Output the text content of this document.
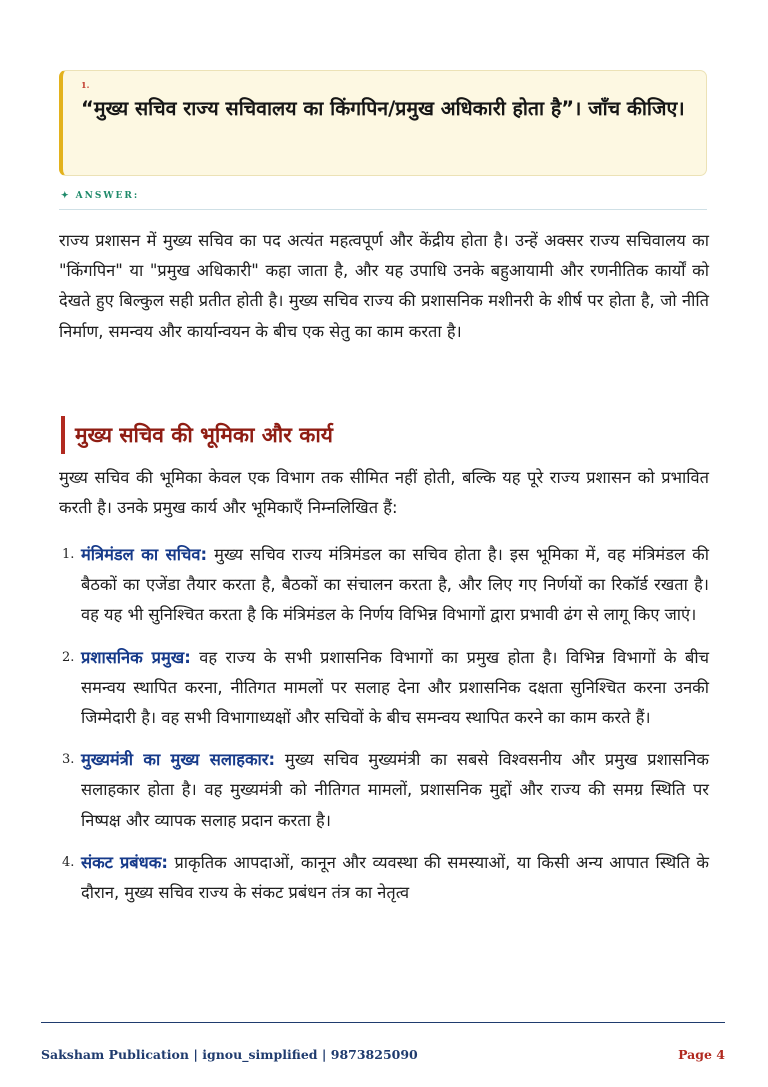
1.
“मुख्य सचिव राज्य सचिवालय का किंगपिन/प्रमुख अधिकारी होता है”। जाँच कीजिए।
✦ ANSWER:

राज्य प्रशासन में मुख्य सचिव का पद अत्यंत महत्वपूर्ण और केंद्रीय होता है। उन्हें अक्सर राज्य सचिवालय का "किंगपिन" या "प्रमुख अधिकारी" कहा जाता है, और यह उपाधि उनके बहुआयामी और रणनीतिक कार्यों को देखते हुए बिल्कुल सही प्रतीत होती है। मुख्य सचिव राज्य की प्रशासनिक मशीनरी के शीर्ष पर होता है, जो नीति निर्माण, समन्वय और कार्यान्वयन के बीच एक सेतु का काम करता है।

मुख्य सचिव की भूमिका और कार्य

मुख्य सचिव की भूमिका केवल एक विभाग तक सीमित नहीं होती, बल्कि यह पूरे राज्य प्रशासन को प्रभावित करती है। उनके प्रमुख कार्य और भूमिकाएँ निम्नलिखित हैं:

1. मंत्रिमंडल का सचिव: मुख्य सचिव राज्य मंत्रिमंडल का सचिव होता है। इस भूमिका में, वह मंत्रिमंडल की बैठकों का एजेंडा तैयार करता है, बैठकों का संचालन करता है, और लिए गए निर्णयों का रिकॉर्ड रखता है। वह यह भी सुनिश्चित करता है कि मंत्रिमंडल के निर्णय विभिन्न विभागों द्वारा प्रभावी ढंग से लागू किए जाएं।
2. प्रशासनिक प्रमुख: वह राज्य के सभी प्रशासनिक विभागों का प्रमुख होता है। विभिन्न विभागों के बीच समन्वय स्थापित करना, नीतिगत मामलों पर सलाह देना और प्रशासनिक दक्षता सुनिश्चित करना उनकी जिम्मेदारी है। वह सभी विभागाध्यक्षों और सचिवों के बीच समन्वय स्थापित करने का काम करते हैं।
3. मुख्यमंत्री का मुख्य सलाहकार: मुख्य सचिव मुख्यमंत्री का सबसे विश्वसनीय और प्रमुख प्रशासनिक सलाहकार होता है। वह मुख्यमंत्री को नीतिगत मामलों, प्रशासनिक मुद्दों और राज्य की समग्र स्थिति पर निष्पक्ष और व्यापक सलाह प्रदान करता है।
4. संकट प्रबंधक: प्राकृतिक आपदाओं, कानून और व्यवस्था की समस्याओं, या किसी अन्य आपात स्थिति के दौरान, मुख्य सचिव राज्य के संकट प्रबंधन तंत्र का नेतृत्व
Saksham Publication | ignou_simplified | 9873825090	Page 4
